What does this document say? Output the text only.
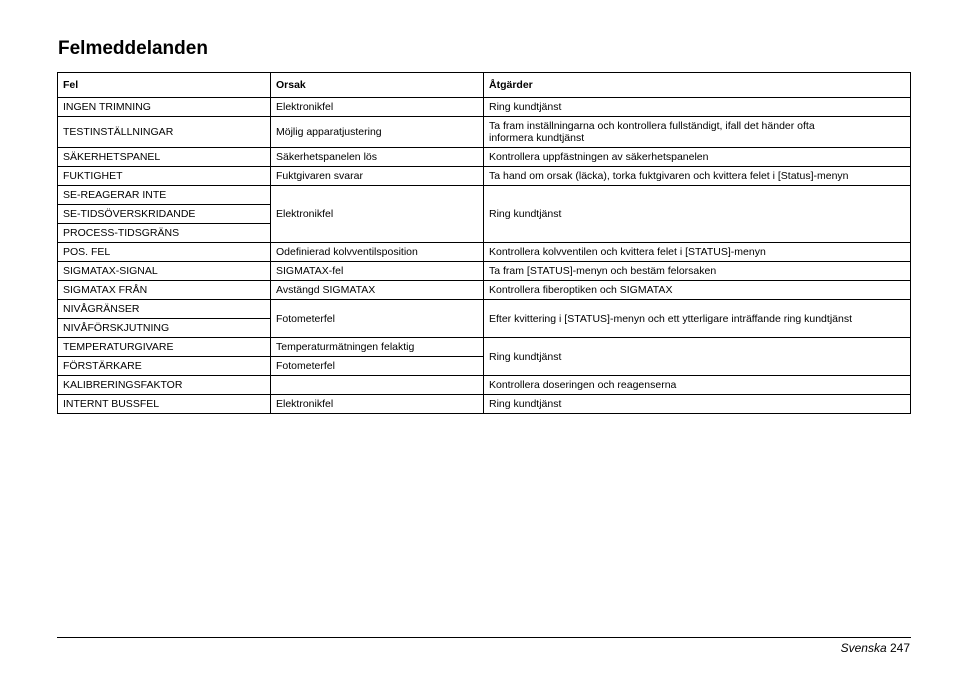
Felmeddelanden
Fel	Orsak	Åtgärder
INGEN TRIMNING	Elektronikfel	Ring kundtjänst
TESTINSTÄLLNINGAR	Möjlig apparatjustering	Ta fram inställningarna och kontrollera fullständigt, ifall det händer ofta
informera kundtjänst
SÄKERHETSPANEL	Säkerhetspanelen lös	Kontrollera uppfästningen av säkerhetspanelen
FUKTIGHET	Fuktgivaren svarar	Ta hand om orsak (läcka), torka fuktgivaren och kvittera felet i [Status]-menyn
SE-REAGERAR INTE	Elektronikfel	Ring kundtjänst
SE-TIDSÖVERSKRIDANDE		
PROCESS-TIDSGRÄNS		
POS. FEL	Odefinierad kolvventilsposition	Kontrollera kolvventilen och kvittera felet i [STATUS]-menyn
SIGMATAX-SIGNAL	SIGMATAX-fel	Ta fram [STATUS]-menyn och bestäm felorsaken
SIGMATAX FRÅN	Avstängd SIGMATAX	Kontrollera fiberoptiken och SIGMATAX
NIVÅGRÄNSER	Fotometerfel	Efter kvittering i [STATUS]-menyn och ett ytterligare inträffande ring kundtjänst
NIVÅFÖRSKJUTNING		
TEMPERATURGIVARE	Temperaturmätningen felaktig	Ring kundtjänst
FÖRSTÄRKARE	Fotometerfel	
KALIBRERINGSFAKTOR		Kontrollera doseringen och reagenserna
INTERNT BUSSFEL	Elektronikfel	Ring kundtjänst
Svenska 247
